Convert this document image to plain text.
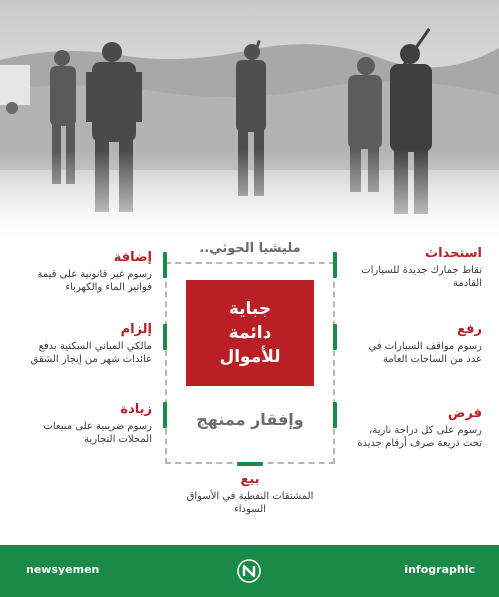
مليشيا الحوثي..
جباية
دائمة
للأموال
وإفقار ممنهج
إضافة
رسوم غير قانونية على قيمة فواتير الماء والكهرباء
إلزام
مالكي المباني السكنية بدفع عائدات شهر من إيجار الشقق
زيادة
رسوم ضريبية على مبيعات المحلات التجارية
استحداث
نقاط جمارك جديدة للسيارات القادمة
رفع
رسوم مواقف السيارات في عدد من الساحات العامة
فرض
رسوم على كل دراجة نارية، تحت ذريعة صرف أرقام جديدة
بيع
المشتقات النفطية في الأسواق السوداء
newsyemen	infographic
